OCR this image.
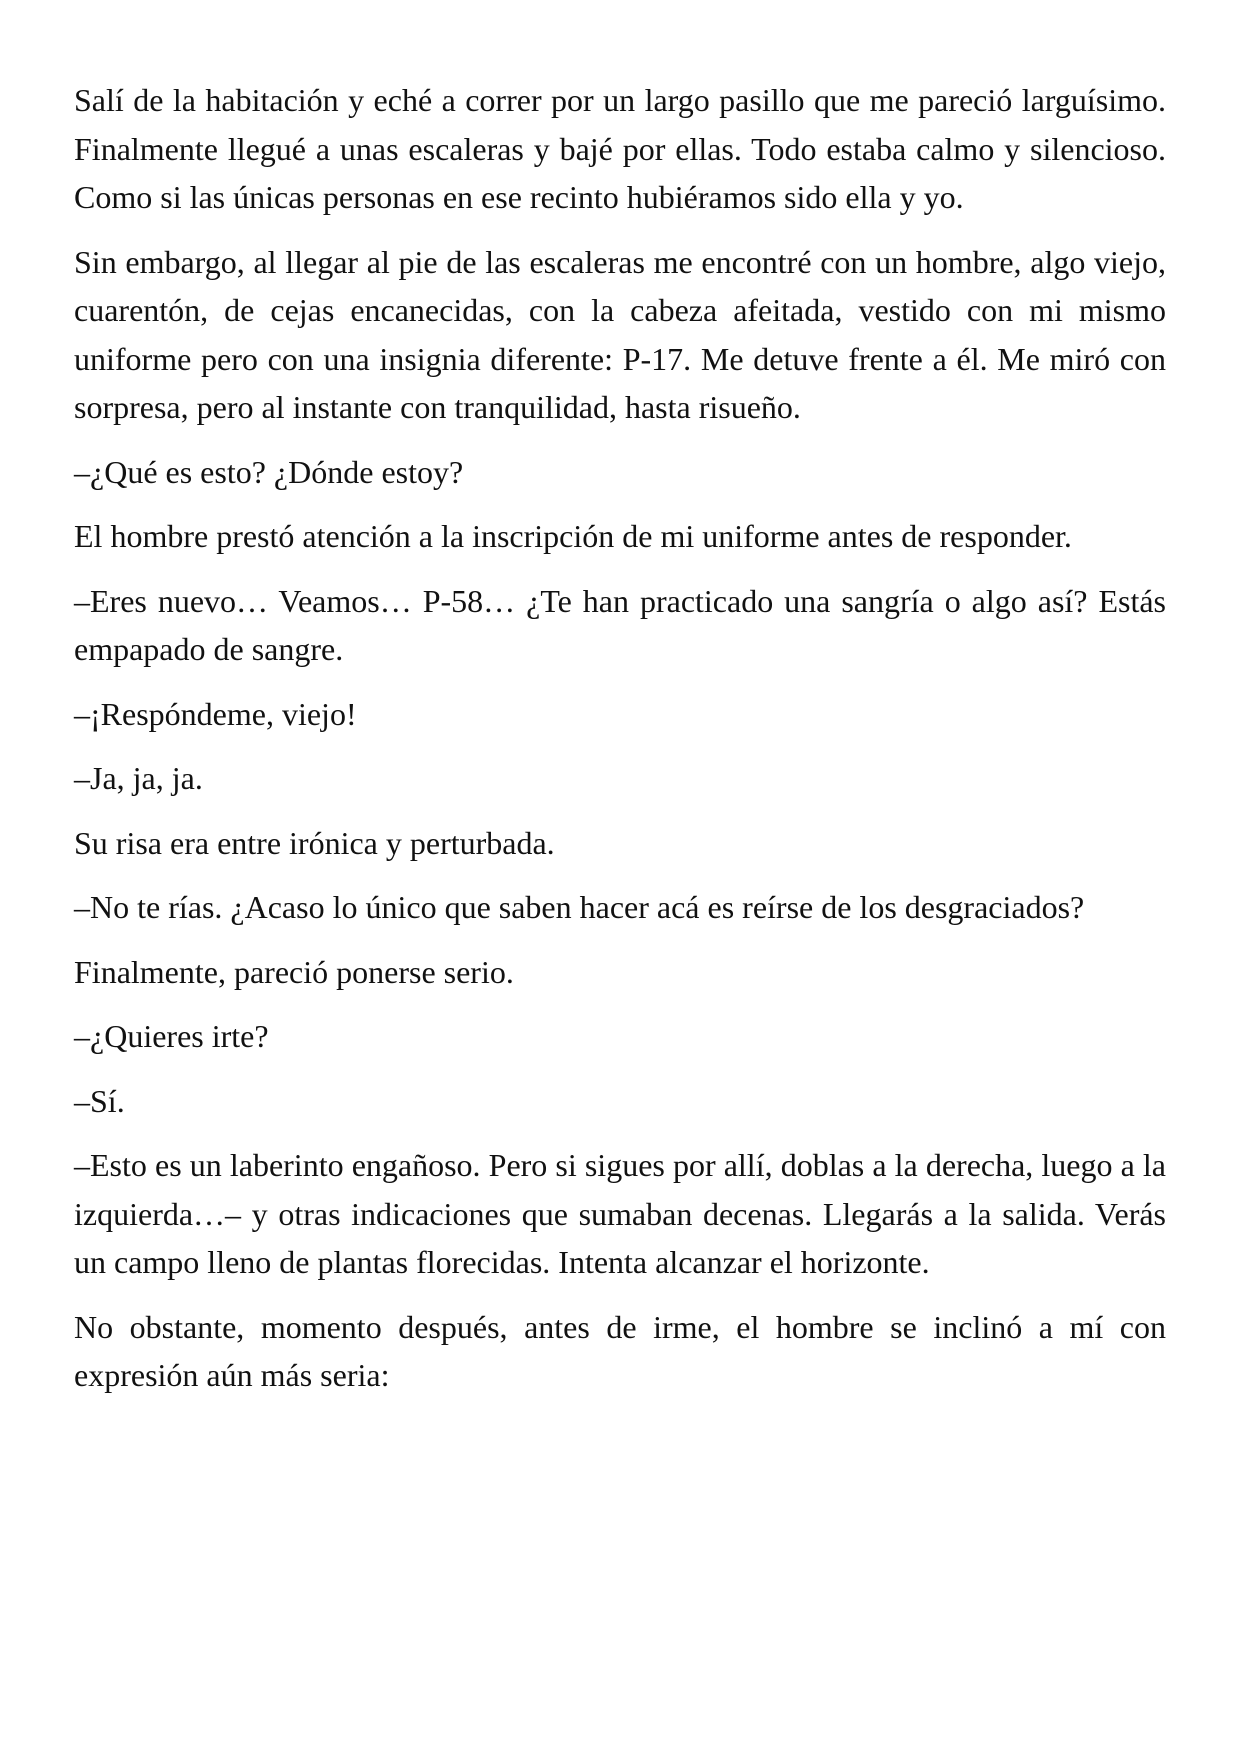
Salí de la habitación y eché a correr por un largo pasillo que me pareció larguísimo. Finalmente llegué a unas escaleras y bajé por ellas. Todo estaba calmo y silencioso. Como si las únicas personas en ese recinto hubiéramos sido ella y yo.

Sin embargo, al llegar al pie de las escaleras me encontré con un hombre, algo viejo, cuarentón, de cejas encanecidas, con la cabeza afeitada, vestido con mi mismo uniforme pero con una insignia diferente: P-17. Me detuve frente a él. Me miró con sorpresa, pero al instante con tranquilidad, hasta risueño.

–¿Qué es esto? ¿Dónde estoy?

El hombre prestó atención a la inscripción de mi uniforme antes de responder.

–Eres nuevo… Veamos… P-58… ¿Te han practicado una sangría o algo así? Estás empapado de sangre.

–¡Respóndeme, viejo!

–Ja, ja, ja.

Su risa era entre irónica y perturbada.

–No te rías. ¿Acaso lo único que saben hacer acá es reírse de los desgraciados?

Finalmente, pareció ponerse serio.

–¿Quieres irte?

–Sí.

–Esto es un laberinto engañoso. Pero si sigues por allí, doblas a la derecha, luego a la izquierda…– y otras indicaciones que sumaban decenas. Llegarás a la salida. Verás un campo lleno de plantas florecidas. Intenta alcanzar el horizonte.

No obstante, momento después, antes de irme, el hombre se inclinó a mí con expresión aún más seria:
